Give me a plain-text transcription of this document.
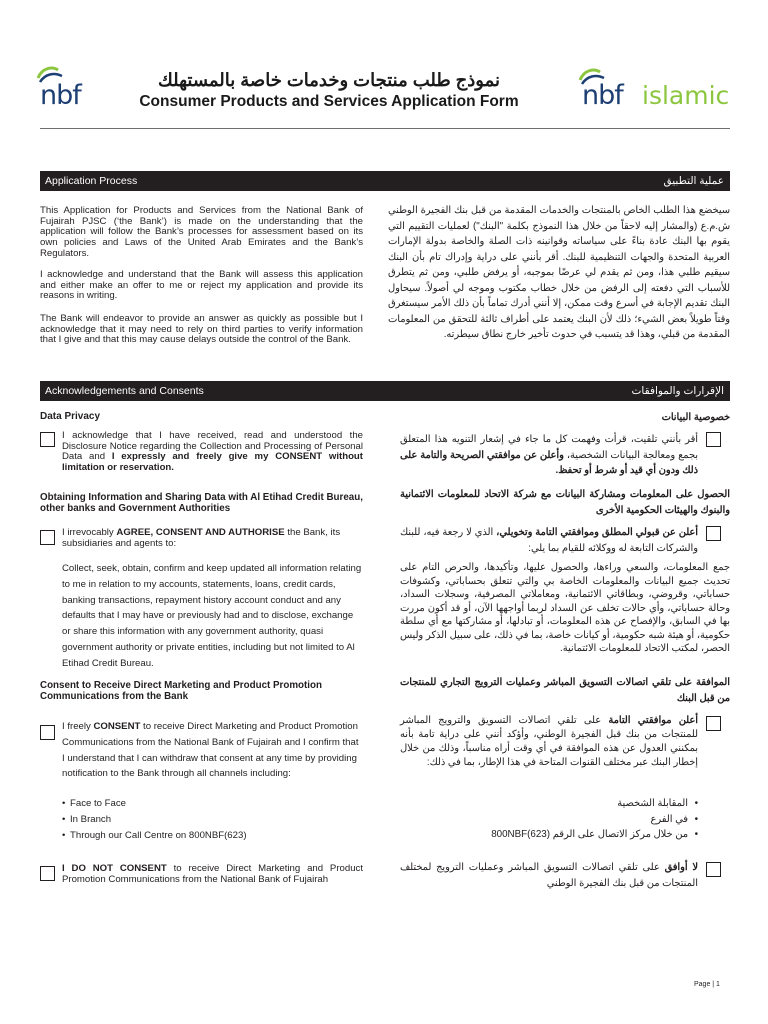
nbf	نموذج طلب منتجات وخدمات خاصة بالمستهلك
Consumer Products and Services Application Form	nbf islamic
Application Process	عملية التطبيق
This Application for Products and Services from the National Bank of Fujairah PJSC (‘the Bank’) is made on the understanding that the application will follow the Bank’s processes for assessment based on its own policies and Laws of the United Arab Emirates and the Bank’s Regulators.
I acknowledge and understand that the Bank will assess this application and either make an offer to me or reject my application and provide its reasons in writing.
The Bank will endeavor to provide an answer as quickly as possible but I acknowledge that it may need to rely on third parties to verify information that I give and that this may cause delays outside the control of the Bank.
سيخضع هذا الطلب الخاص بالمنتجات والخدمات المقدمة من قبل بنك الفجيرة الوطني ش.م.ع (والمشار إليه لاحقاً من خلال هذا النموذج بكلمة "البنك") لعمليات التقييم التي يقوم بها البنك عادة بناءً على سياساته وقوانينه ذات الصلة والخاصة بدولة الإمارات العربية المتحدة والجهات التنظيمية للبنك. أقر بأنني على دراية وإدراك تام بأن البنك سيقيم طلبي هذا، ومن ثم يقدم لي عرضًا بموجبه، أو يرفض طلبي، ومن ثم يتطرق للأسباب التي دفعته إلى الرفض من خلال خطاب مكتوب وموجه لي أصولاً. سيحاول البنك تقديم الإجابة في أسرع وقت ممكن، إلا أنني أدرك تماماً بأن ذلك الأمر سيستغرق وقتاً طويلاً بعض الشيء؛ ذلك لأن البنك يعتمد على أطراف ثالثة للتحقق من المعلومات المقدمة من قبلي، وهذا قد يتسبب في حدوث تأخير خارج نطاق سيطرته.
Acknowledgements and Consents	الإقرارات والموافقات
Data Privacy	خصوصية البيانات
I acknowledge that I have received, read and understood the Disclosure Notice regarding the Collection and Processing of Personal Data and I expressly and freely give my CONSENT without limitation or reservation.
أقر بأنني تلقيت، قرأت وفهمت كل ما جاء في إشعار التنويه هذا المتعلق بجمع ومعالجة البيانات الشخصية، وأعلن عن موافقتي الصريحة والتامة على ذلك ودون أي قيد أو شرط أو تحفظ.
Obtaining Information and Sharing Data with Al Etihad Credit Bureau, other banks and Government Authorities
الحصول على المعلومات ومشاركة البيانات مع شركة الاتحاد للمعلومات الائتمانية والبنوك والهيئات الحكومية الأخرى
I irrevocably AGREE, CONSENT AND AUTHORISE the Bank, its subsidiaries and agents to:
أعلن عن قبولي المطلق وموافقتي التامة وتخويلي، الذي لا رجعة فيه، للبنك والشركات التابعة له ووكلائه للقيام بما يلي:
Collect, seek, obtain, confirm and keep updated all information relating to me in relation to my accounts, statements, loans, credit cards, banking transactions, repayment history account conduct and any defaults that I may have or previously had and to disclose, exchange or share this information with any government authority, quasi government authority or private entities, including but not limited to Al Etihad Credit Bureau.
جمع المعلومات، والسعي وراءها، والحصول عليها، وتأكيدها، والحرص التام على تحديث جميع البيانات والمعلومات الخاصة بي والتي تتعلق بحساباتي، وكشوفات حساباتي، وقروضي، وبطاقاتي الائتمانية، ومعاملاتي المصرفية، وسجلات السداد، وحالة حساباتي، وأي حالات تخلف عن السداد لربما أواجهها الآن، أو قد أكون مررت بها في السابق، والإفصاح عن هذه المعلومات، أو تبادلها، أو مشاركتها مع أي سلطة حكومية، أو هيئة شبه حكومية، أو كيانات خاصة، بما في ذلك، على سبيل الذكر وليس الحصر، لمكتب الاتحاد للمعلومات الائتمانية.
Consent to Receive Direct Marketing and Product Promotion Communications from the Bank
الموافقة على تلقي اتصالات التسويق المباشر وعمليات الترويج التجاري للمنتجات من قبل البنك
I freely CONSENT to receive Direct Marketing and Product Promotion Communications from the National Bank of Fujairah and I confirm that I understand that I can withdraw that consent at any time by providing notification to the Bank through all channels including:
أعلن موافقتي التامة على تلقي اتصالات التسويق والترويج المباشر للمنتجات من بنك قبل الفجيرة الوطني، وأؤكد أنني على دراية تامة بأنه بمكنني العدول عن هذه الموافقة في أي وقت أراه مناسباً، وذلك من خلال إخطار البنك عبر مختلف القنوات المتاحة في هذا الإطار، بما في ذلك:
• Face to Face
• In Branch
• Through our Call Centre on 800NBF(623)
• المقابلة الشخصية
• في الفرع
• من خلال مركز الاتصال على الرقم 800NBF(623)
I DO NOT CONSENT to receive Direct Marketing and Product Promotion Communications from the National Bank of Fujairah
لا أوافق على تلقي اتصالات التسويق المباشر وعمليات الترويج لمختلف المنتجات من قبل بنك الفجيرة الوطني
Page | 1
